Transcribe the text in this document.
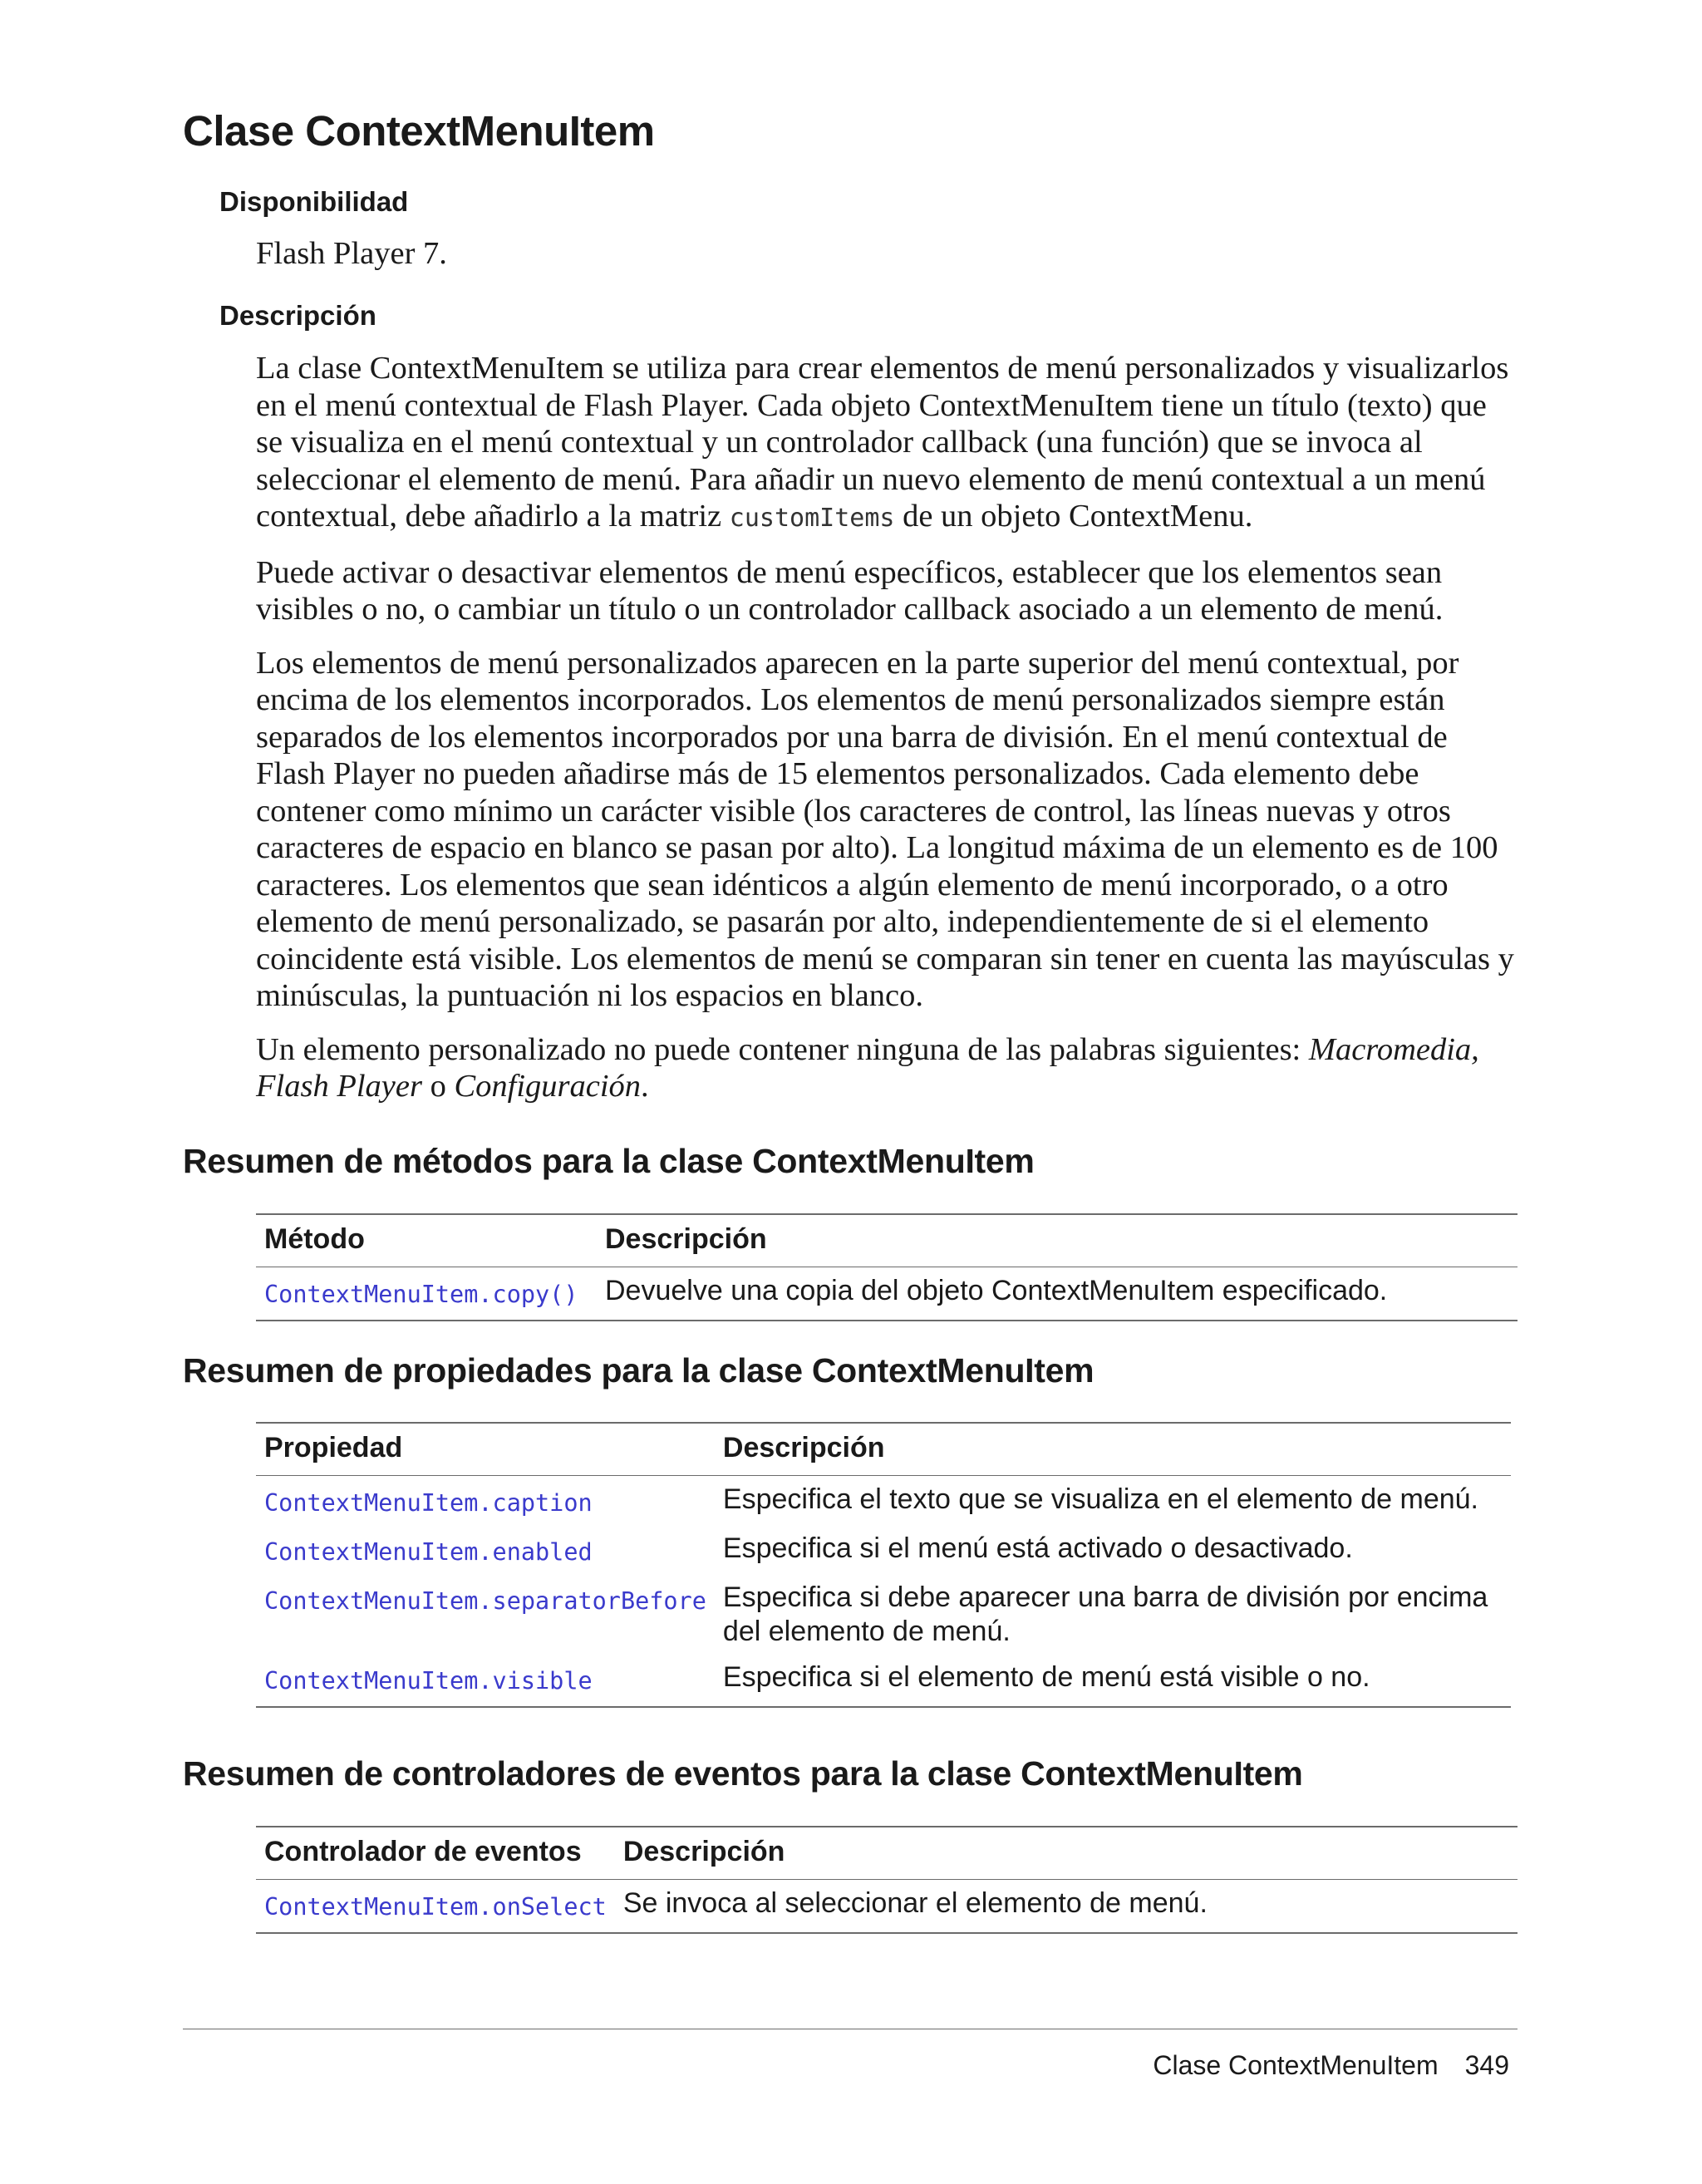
Clase ContextMenuItem
Disponibilidad

Flash Player 7.

Descripción

La clase ContextMenuItem se utiliza para crear elementos de menú personalizados y visualizarlos en el menú contextual de Flash Player. Cada objeto ContextMenuItem tiene un título (texto) que se visualiza en el menú contextual y un controlador callback (una función) que se invoca al seleccionar el elemento de menú. Para añadir un nuevo elemento de menú contextual a un menú contextual, debe añadirlo a la matriz customItems de un objeto ContextMenu.

Puede activar o desactivar elementos de menú específicos, establecer que los elementos sean visibles o no, o cambiar un título o un controlador callback asociado a un elemento de menú.

Los elementos de menú personalizados aparecen en la parte superior del menú contextual, por encima de los elementos incorporados. Los elementos de menú personalizados siempre están separados de los elementos incorporados por una barra de división. En el menú contextual de Flash Player no pueden añadirse más de 15 elementos personalizados. Cada elemento debe contener como mínimo un carácter visible (los caracteres de control, las líneas nuevas y otros caracteres de espacio en blanco se pasan por alto). La longitud máxima de un elemento es de 100 caracteres. Los elementos que sean idénticos a algún elemento de menú incorporado, o a otro elemento de menú personalizado, se pasarán por alto, independientemente de si el elemento coincidente está visible. Los elementos de menú se comparan sin tener en cuenta las mayúsculas y minúsculas, la puntuación ni los espacios en blanco.

Un elemento personalizado no puede contener ninguna de las palabras siguientes: Macromedia, Flash Player o Configuración.

Resumen de métodos para la clase ContextMenuItem
Método	Descripción
ContextMenuItem.copy()	Devuelve una copia del objeto ContextMenuItem especificado.
Resumen de propiedades para la clase ContextMenuItem
Propiedad	Descripción
ContextMenuItem.caption	Especifica el texto que se visualiza en el elemento de menú.
ContextMenuItem.enabled	Especifica si el menú está activado o desactivado.
ContextMenuItem.separatorBefore	Especifica si debe aparecer una barra de división por encima del elemento de menú.
ContextMenuItem.visible	Especifica si el elemento de menú está visible o no.
Resumen de controladores de eventos para la clase ContextMenuItem
Controlador de eventos	Descripción
ContextMenuItem.onSelect	Se invoca al seleccionar el elemento de menú.
Clase ContextMenuItem 349
